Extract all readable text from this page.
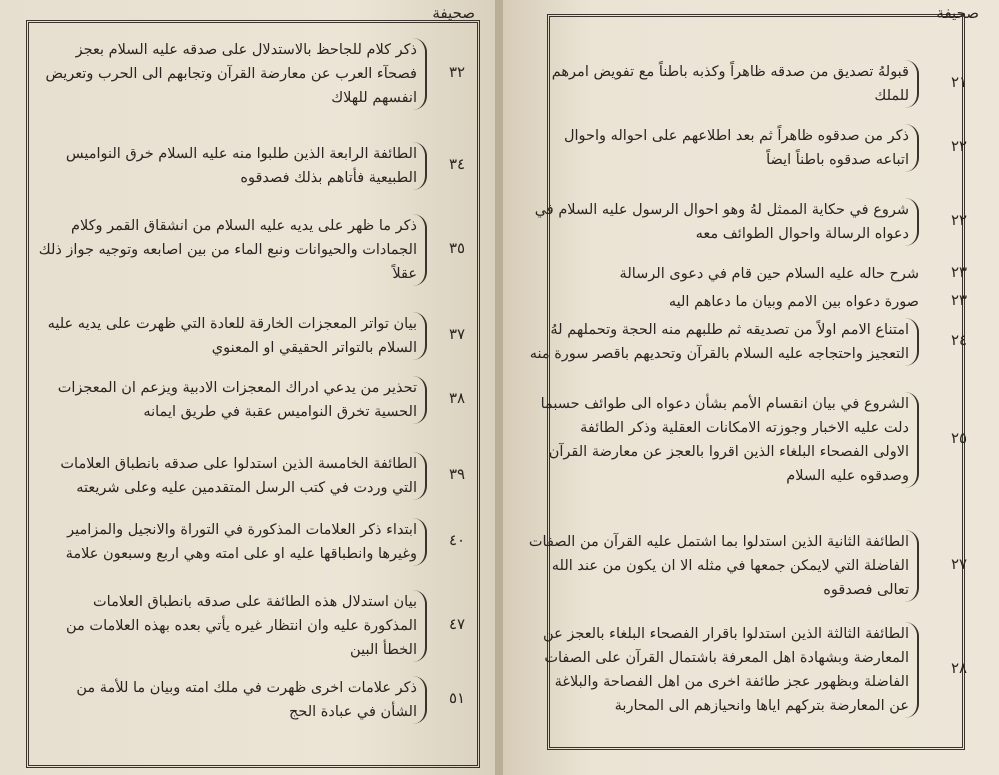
صحيفة
ذكر كلام للجاحظ بالاستدلال على صدقه عليه السلام بعجز
فصحآء العرب عن معارضة القرآن وتجابهم الى الحرب وتعريض
انفسهم للهلاك
٣٢
الطائفة الرابعة الذين طلبوا منه عليه السلام خرق النواميس
الطبيعية فأتاهم بذلك فصدقوه
٣٤
ذكر ما ظهر على يديه عليه السلام من انشقاق القمر وكلام
الجمادات والحيوانات ونبع الماء من بين اصابعه وتوجيه جواز ذلك
عقلاً
٣٥
بيان تواتر المعجزات الخارقة للعادة التي ظهرت على يديه عليه
السلام بالتواتر الحقيقي او المعنوي
٣٧
تحذير من يدعي ادراك المعجزات الادبية ويزعم ان المعجزات
الحسية تخرق النواميس عقبة في طريق ايمانه
٣٨
الطائفة الخامسة الذين استدلوا على صدقه بانطباق العلامات
التي وردت في كتب الرسل المتقدمين عليه وعلى شريعته
٣٩
ابتداء ذكر العلامات المذكورة في التوراة والانجيل والمزامير
وغيرها وانطباقها عليه او على امته وهي اربع وسبعون علامة
٤٠
بيان استدلال هذه الطائفة على صدقه بانطباق العلامات
المذكورة عليه وان انتظار غيره يأتي بعده بهذه العلامات من
الخطأ البين
٤٧
ذكر علامات اخرى ظهرت في ملك امته وبيان ما للأمة من
الشأن في عبادة الحج
٥١
صحيفة
قبولهُ تصديق من صدقه ظاهراً وكذبه باطناً مع تفويض امرهم
للملك
٢١
ذكر من صدقوه ظاهراً ثم بعد اطلاعهم على احواله واحوال
اتباعه صدقوه باطناً ايضاً
٢٢
شروع في حكاية الممثل لهُ وهو احوال الرسول عليه السلام في
دعواه الرسالة واحوال الطوائف معه
٢٢
شرح حاله عليه السلام حين قام في دعوى الرسالة	٢٣
صورة دعواه بين الامم وبيان ما دعاهم اليه	٢٣
امتناع الامم اولاً من تصديقه ثم طلبهم منه الحجة وتحملهم لهُ
التعجيز واحتجاجه عليه السلام بالقرآن وتحديهم باقصر سورة منه
٢٤
الشروع في بيان انقسام الأمم بشأن دعواه الى طوائف حسبما
دلت عليه الاخبار وجوزته الامكانات العقلية وذكر الطائفة
الاولى الفصحاء البلغاء الذين اقروا بالعجز عن معارضة القرآن
وصدقوه عليه السلام
٢٥
الطائفة الثانية الذين استدلوا بما اشتمل عليه القرآن من الصفات
الفاضلة التي لايمكن جمعها في مثله الا ان يكون من عند الله
تعالى فصدقوه
٢٧
الطائفة الثالثة الذين استدلوا باقرار الفصحاء البلغاء بالعجز عن
المعارضة وبشهادة اهل المعرفة باشتمال القرآن على الصفات
الفاضلة وبظهور عجز طائفة اخرى من اهل الفصاحة والبلاغة
عن المعارضة بتركهم اياها وانحيازهم الى المحاربة
٢٨
